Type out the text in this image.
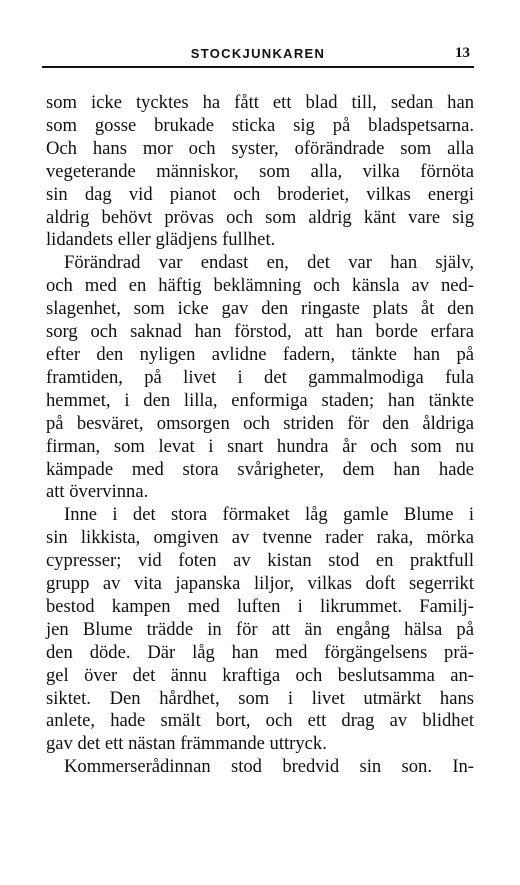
STOCKJUNKAREN	13
som icke tycktes ha fått ett blad till, sedan han
som gosse brukade sticka sig på bladspetsarna.
Och hans mor och syster, oförändrade som alla
vegeterande människor, som alla, vilka förnöta
sin dag vid pianot och broderiet, vilkas energi
aldrig behövt prövas och som aldrig känt vare sig
lidandets eller glädjens fullhet.
Förändrad var endast en, det var han själv,
och med en häftig beklämning och känsla av ned-
slagenhet, som icke gav den ringaste plats åt den
sorg och saknad han förstod, att han borde erfara
efter den nyligen avlidne fadern, tänkte han på
framtiden, på livet i det gammalmodiga fula
hemmet, i den lilla, enformiga staden; han tänkte
på besväret, omsorgen och striden för den åldriga
firman, som levat i snart hundra år och som nu
kämpade med stora svårigheter, dem han hade
att övervinna.
Inne i det stora förmaket låg gamle Blume i
sin likkista, omgiven av tvenne rader raka, mörka
cypresser; vid foten av kistan stod en praktfull
grupp av vita japanska liljor, vilkas doft segerrikt
bestod kampen med luften i likrummet. Familj-
jen Blume trädde in för att än engång hälsa på
den döde. Där låg han med förgängelsens prä-
gel över det ännu kraftiga och beslutsamma an-
siktet. Den hårdhet, som i livet utmärkt hans
anlete, hade smält bort, och ett drag av blidhet
gav det ett nästan främmande uttryck.
Kommerserådinnan stod bredvid sin son. In-
